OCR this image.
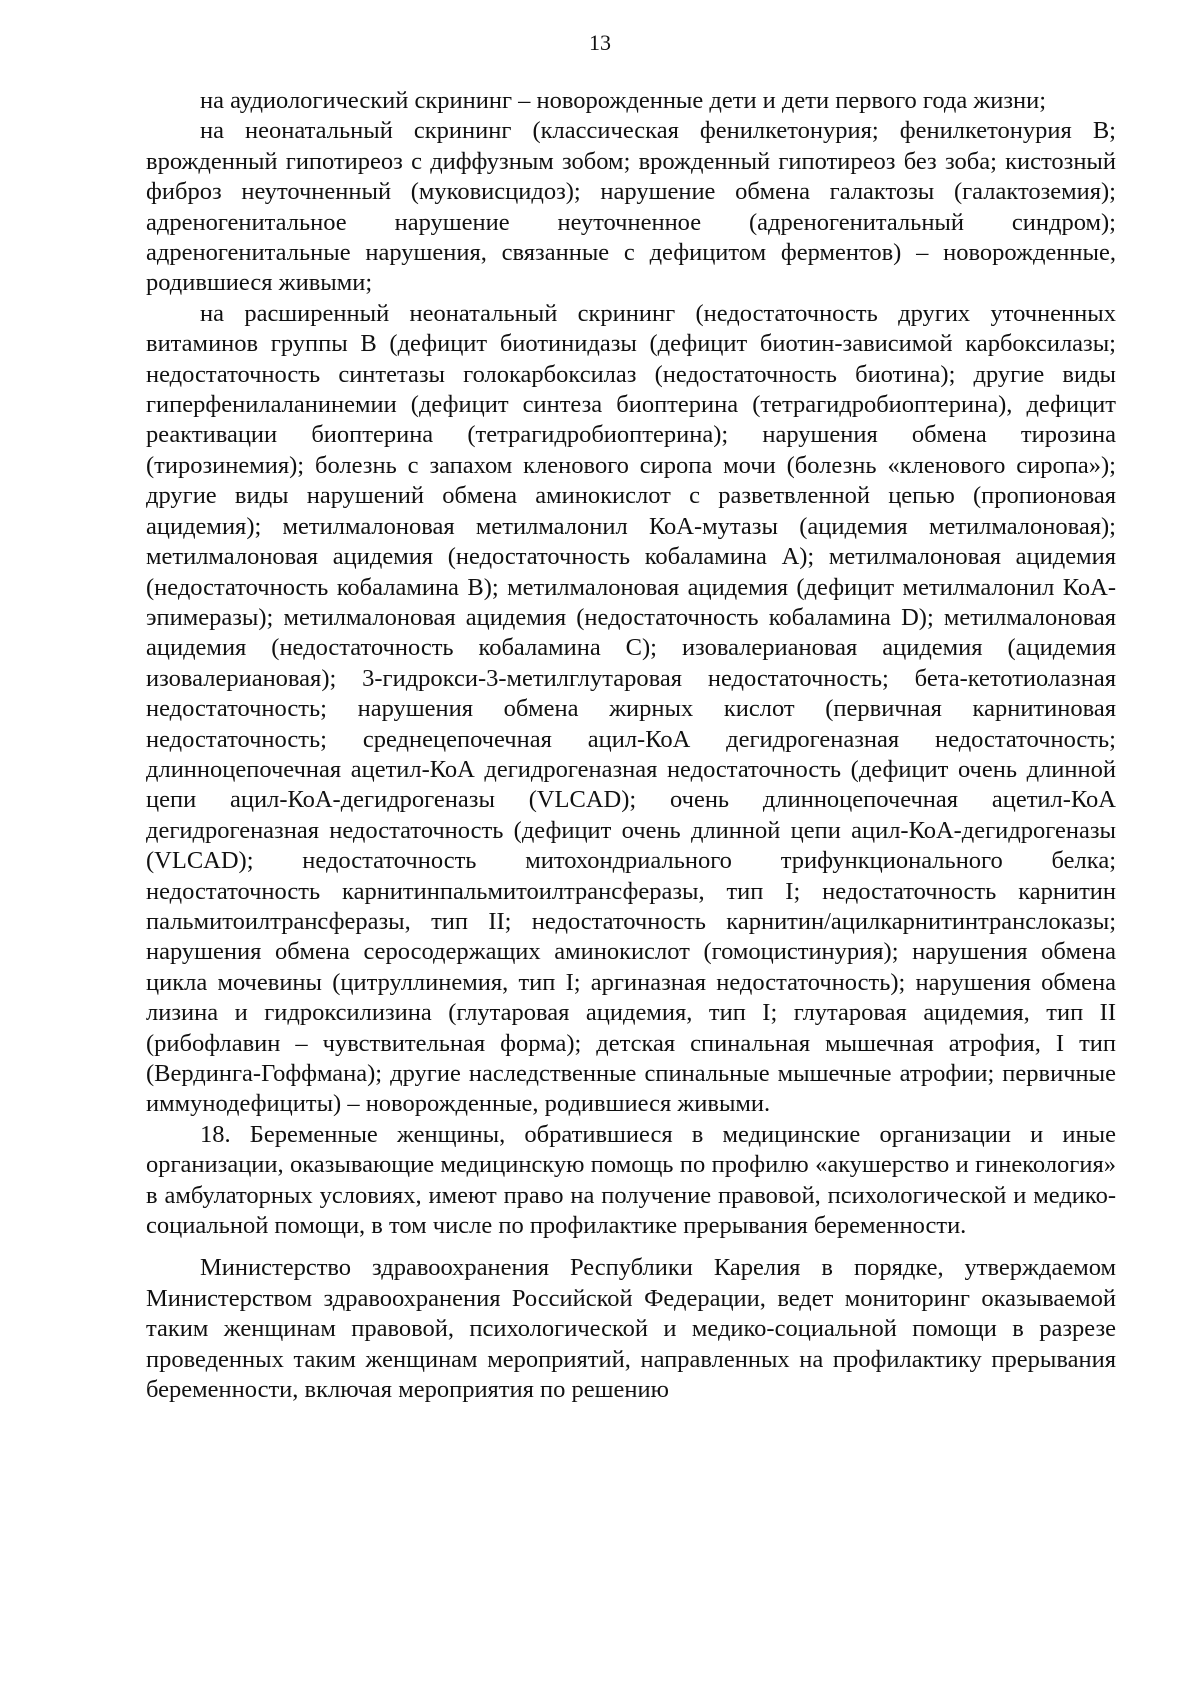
13

на аудиологический скрининг – новорожденные дети и дети первого года жизни;

на неонатальный скрининг (классическая фенилкетонурия; фенилкетонурия В; врожденный гипотиреоз с диффузным зобом; врожденный гипотиреоз без зоба; кистозный фиброз неуточненный (муковисцидоз); нарушение обмена галактозы (галактоземия); адреногенитальное нарушение неуточненное (адреногенитальный синдром); адреногенитальные нарушения, связанные с дефицитом ферментов) – новорожденные, родившиеся живыми;

на расширенный неонатальный скрининг (недостаточность других уточненных витаминов группы В (дефицит биотинидазы (дефицит биотин-зависимой карбоксилазы; недостаточность синтетазы голокарбоксилаз (недостаточность биотина); другие виды гиперфенилаланинемии (дефицит синтеза биоптерина (тетрагидробиоптерина), дефицит реактивации биоптерина (тетрагидробиоптерина); нарушения обмена тирозина (тирозинемия); болезнь с запахом кленового сиропа мочи (болезнь «кленового сиропа»); другие виды нарушений обмена аминокислот с разветвленной цепью (пропионовая ацидемия); метилмалоновая метилмалонил КоА-мутазы (ацидемия метилмалоновая); метилмалоновая ацидемия (недостаточность кобаламина А); метилмалоновая ацидемия (недостаточность кобаламина В); метилмалоновая ацидемия (дефицит метилмалонил КоА-эпимеразы); метилмалоновая ацидемия (недостаточность кобаламина D); метилмалоновая ацидемия (недостаточность кобаламина С); изовалериановая ацидемия (ацидемия изовалериановая); 3-гидрокси-3-метилглутаровая недостаточность; бета-кетотиолазная недостаточность; нарушения обмена жирных кислот (первичная карнитиновая недостаточность; среднецепочечная ацил-КоА дегидрогеназная недостаточность; длинноцепочечная ацетил-КоА дегидрогеназная недостаточность (дефицит очень длинной цепи ацил-КоА-дегидрогеназы (VLCAD); очень длинноцепочечная ацетил-КоА дегидрогеназная недостаточность (дефицит очень длинной цепи ацил-КоА-дегидрогеназы (VLCAD); недостаточность митохондриального трифункционального белка; недостаточность карнитинпальмитоилтрансферазы, тип I; недостаточность карнитин пальмитоилтрансферазы, тип II; недостаточность карнитин/ацилкарнитинтранслоказы; нарушения обмена серосодержащих аминокислот (гомоцистинурия); нарушения обмена цикла мочевины (цитруллинемия, тип I; аргиназная недостаточность); нарушения обмена лизина и гидроксилизина (глутаровая ацидемия, тип I; глутаровая ацидемия, тип II (рибофлавин – чувствительная форма); детская спинальная мышечная атрофия, I тип (Вердинга-Гоффмана); другие наследственные спинальные мышечные атрофии; первичные иммунодефициты) – новорожденные, родившиеся живыми.

18. Беременные женщины, обратившиеся в медицинские организации и иные организации, оказывающие медицинскую помощь по профилю «акушерство и гинекология» в амбулаторных условиях, имеют право на получение правовой, психологической и медико-социальной помощи, в том числе по профилактике прерывания беременности.

Министерство здравоохранения Республики Карелия в порядке, утверждаемом Министерством здравоохранения Российской Федерации, ведет мониторинг оказываемой таким женщинам правовой, психологической и медико-социальной помощи в разрезе проведенных таким женщинам мероприятий, направленных на профилактику прерывания беременности, включая мероприятия по решению
